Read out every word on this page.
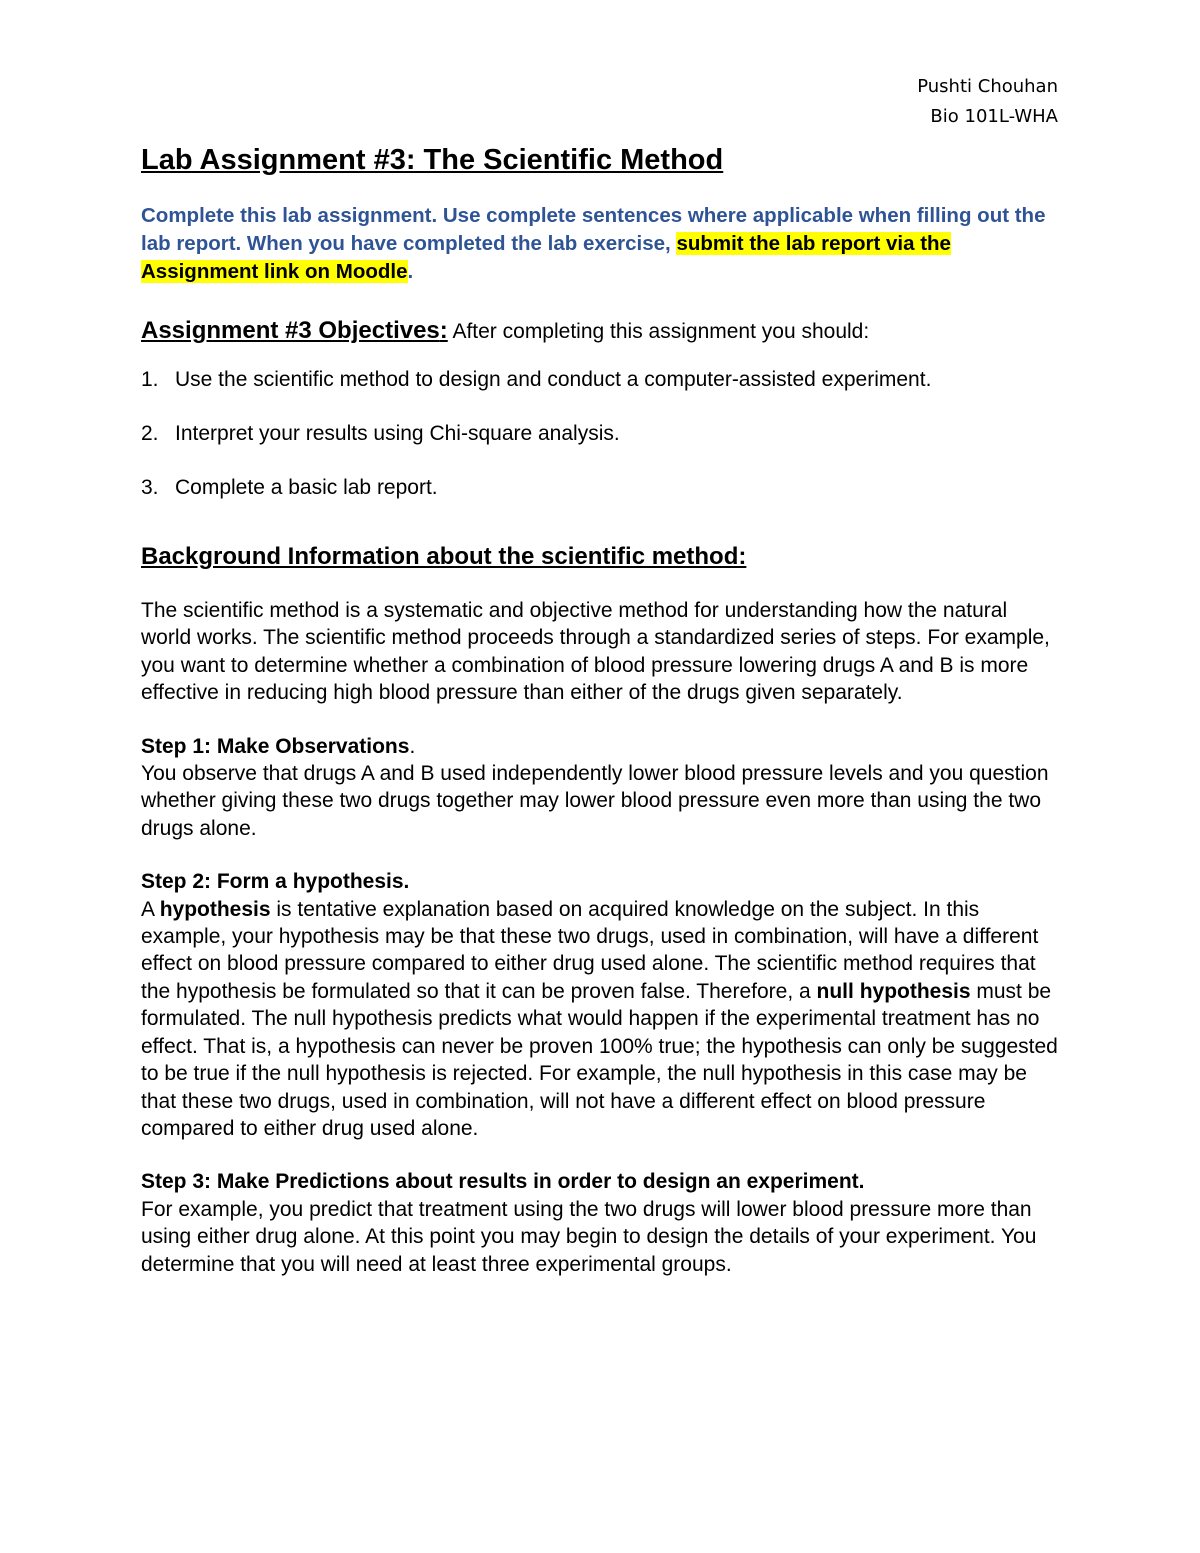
Pushti Chouhan
Bio 101L-WHA
Lab Assignment #3: The Scientific Method

Complete this lab assignment. Use complete sentences where applicable when filling out the lab report. When you have completed the lab exercise, submit the lab report via the Assignment link on Moodle.

Assignment #3 Objectives: After completing this assignment you should:
1. Use the scientific method to design and conduct a computer-assisted experiment.
2. Interpret your results using Chi-square analysis.
3. Complete a basic lab report.
Background Information about the scientific method:

The scientific method is a systematic and objective method for understanding how the natural world works. The scientific method proceeds through a standardized series of steps. For example, you want to determine whether a combination of blood pressure lowering drugs A and B is more effective in reducing high blood pressure than either of the drugs given separately.

Step 1: Make Observations.

You observe that drugs A and B used independently lower blood pressure levels and you question whether giving these two drugs together may lower blood pressure even more than using the two drugs alone.

Step 2: Form a hypothesis.

A hypothesis is tentative explanation based on acquired knowledge on the subject. In this example, your hypothesis may be that these two drugs, used in combination, will have a different effect on blood pressure compared to either drug used alone. The scientific method requires that the hypothesis be formulated so that it can be proven false. Therefore, a null hypothesis must be formulated. The null hypothesis predicts what would happen if the experimental treatment has no effect. That is, a hypothesis can never be proven 100% true; the hypothesis can only be suggested to be true if the null hypothesis is rejected. For example, the null hypothesis in this case may be that these two drugs, used in combination, will not have a different effect on blood pressure compared to either drug used alone.

Step 3: Make Predictions about results in order to design an experiment.

For example, you predict that treatment using the two drugs will lower blood pressure more than using either drug alone. At this point you may begin to design the details of your experiment. You determine that you will need at least three experimental groups.
